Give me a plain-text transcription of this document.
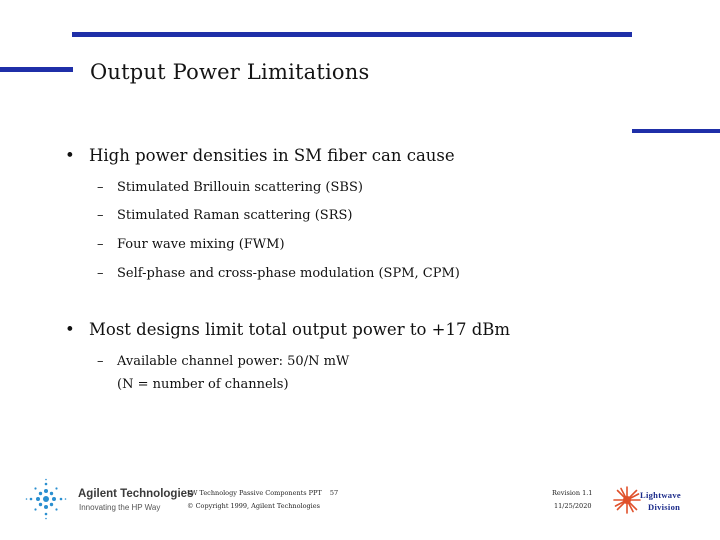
Output Power Limitations
• High power densities in SM fiber can cause
– Stimulated Brillouin scattering (SBS)
– Stimulated Raman scattering (SRS)
– Four wave mixing (FWM)
– Self-phase and cross-phase modulation (SPM, CPM)
• Most designs limit total output power to +17 dBm
– Available channel power: 50/N mW
(N = number of channels)
Agilent Technologies
Innovating the HP Way
LW Technology Passive Components PPT 57
© Copyright 1999, Agilent Technologies
Revision 1.1
11/25/2020
Lightwave
Division
